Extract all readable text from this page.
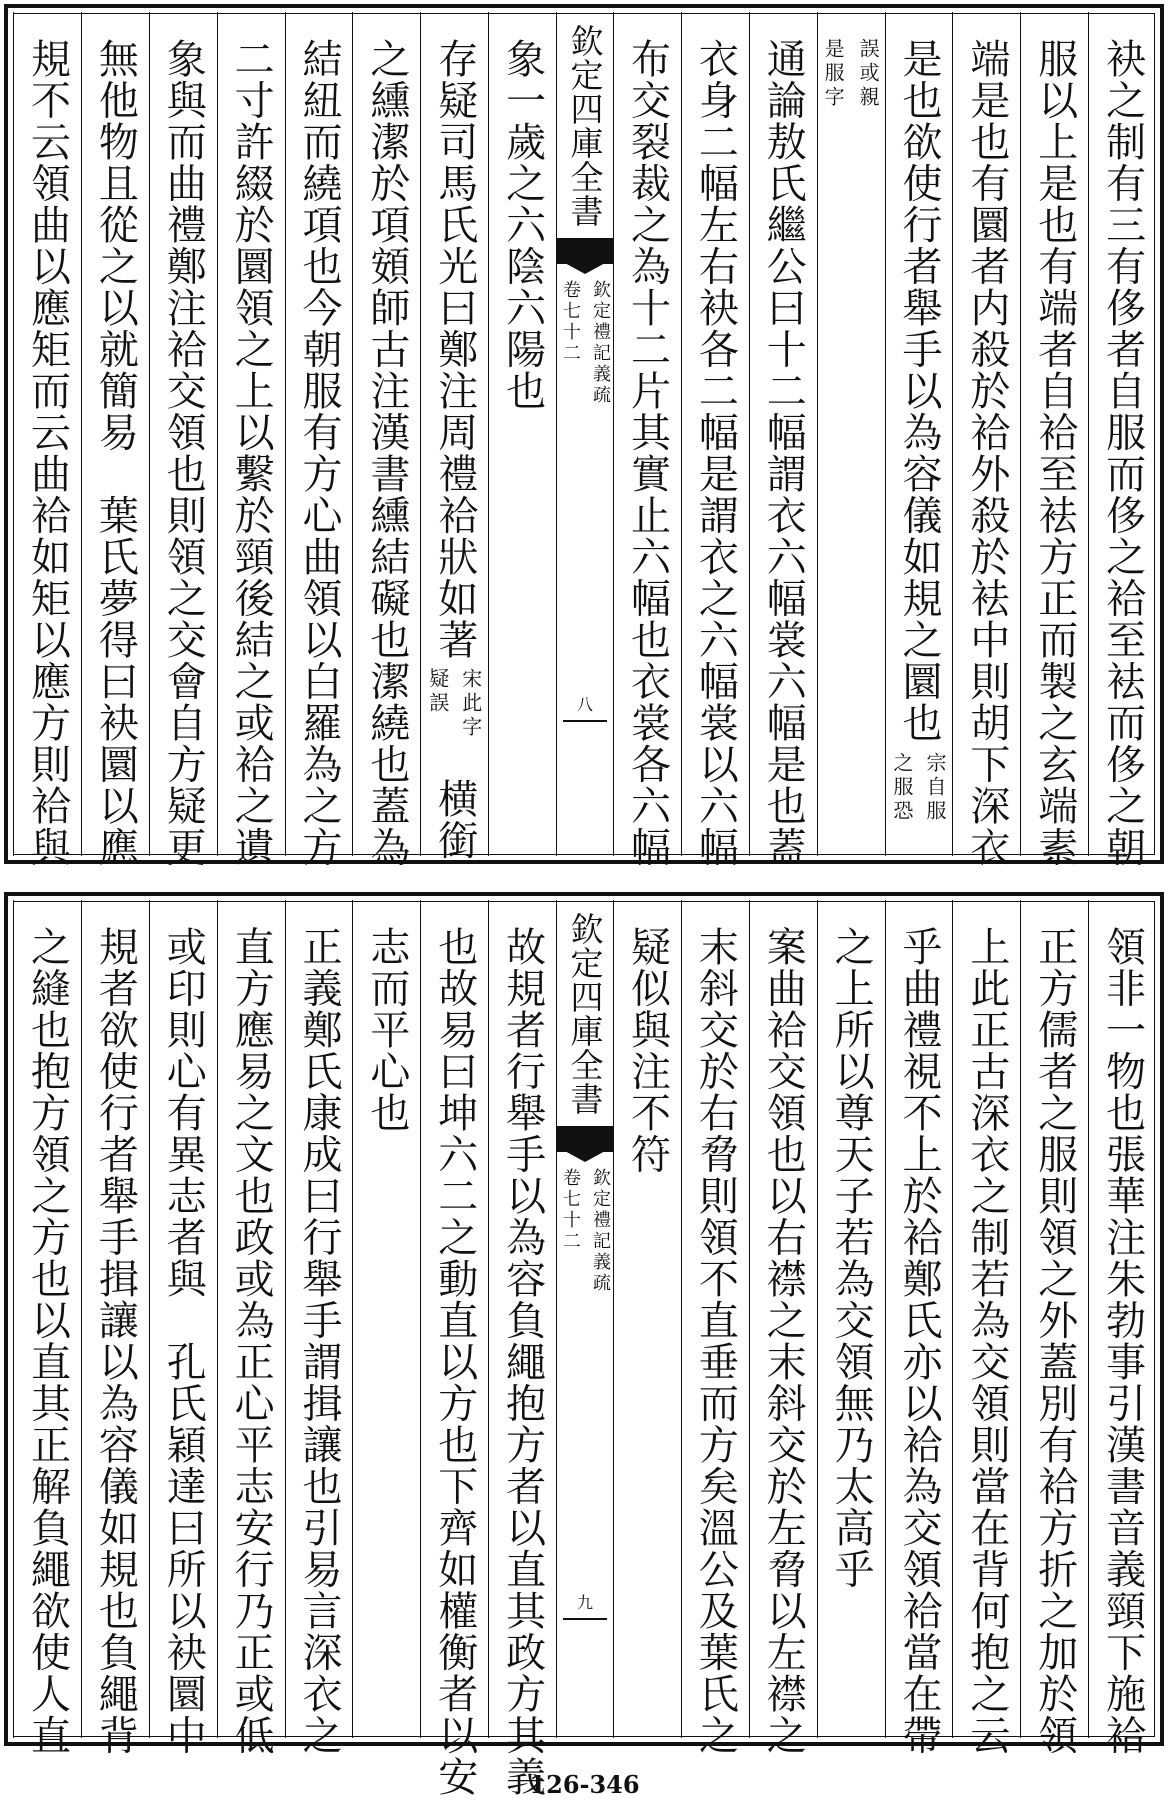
袂之制有三有侈者自服而侈之袷至袪而侈之朝
服以上是也有端者自袷至袪方正而製之玄端素
端是也有圜者内殺於袷外殺於袪中則胡下深衣
是也欲使行者舉手以為容儀如規之圜也
宗自服
之服恐
誤或親
是服字
通論敖氏繼公曰十二幅謂衣六幅裳六幅是也蓋
衣身二幅左右袂各二幅是謂衣之六幅裳以六幅
布交裂裁之為十二片其實止六幅也衣裳各六幅
象一歲之六陰六陽也
存疑司馬氏光曰鄭注周禮袷狀如著
宋此字
疑誤
横銜
之纁潔於項頞師古注漢書纁結礙也潔繞也蓋為
結紐而繞項也今朝服有方心曲領以白羅為之方
二寸許綴於圜領之上以繫於頸後結之或袷之遺
象與而曲禮鄭注袷交領也則領之交會自方疑更
無他物且從之以就簡易　葉氏夢得曰袂圜以應
規不云領曲以應矩而云曲袷如矩以應方則袷與	欽定四庫全書
欽定禮記義疏
卷七十二
八
領非一物也張華注朱勃事引漢書音義頸下施袷
正方儒者之服則領之外蓋別有袷方折之加於領
上此正古深衣之制若為交領則當在背何抱之云
乎曲禮視不上於袷鄭氏亦以袷為交領袷當在帶
之上所以尊天子若為交領無乃太高乎
案曲袷交領也以右襟之末斜交於左脅以左襟之
末斜交於右脅則領不直垂而方矣溫公及葉氏之
疑似與注不符
故規者行舉手以為容負繩抱方者以直其政方其義
也故易曰坤六二之動直以方也下齊如權衡者以安
志而平心也
正義鄭氏康成曰行舉手謂揖讓也引易言深衣之
直方應易之文也政或為正心平志安行乃正或低
或印則心有異志者與　孔氏穎達曰所以袂圜中
規者欲使行者舉手揖讓以為容儀如規也負繩背
之縫也抱方領之方也以直其正解負繩欲使人直	欽定四庫全書
欽定禮記義疏
卷七十二
九
126-346
